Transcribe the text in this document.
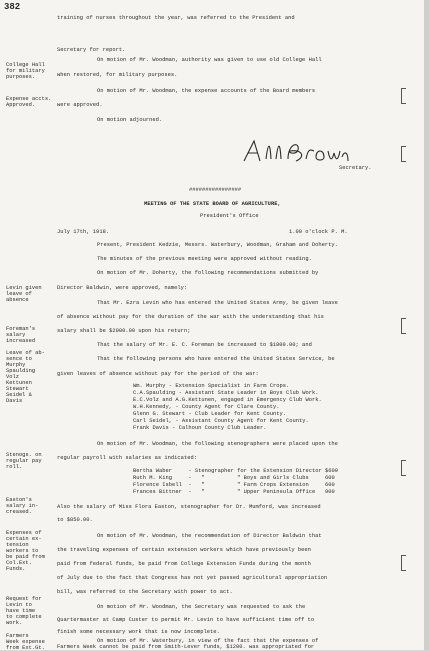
382
training of nurses throughout the year, was referred to the President and
Secretary for report.
On motion of Mr. Woodman, authority was given to use old College Hall
when restored, for military purposes.
On motion of Mr. Woodman, the expense accounts of the Board members
were approved.
On motion adjourned.
A M Brown
Secretary.
################
MEETING OF THE STATE BOARD OF AGRICULTURE,
President's Office
July 17th, 1918.	1.00 o'clock P. M.
Present, President Kedzie, Messrs. Waterbury, Woodman, Graham and Doherty.
The minutes of the previous meeting were approved without reading.
On motion of Mr. Doherty, the following recommendations submitted by
Director Baldwin, were approved, namely:
That Mr. Ezra Levin who has entered the United States Army, be given leave
of absence without pay for the duration of the war with the understanding that his
salary shall be $2000.00 upon his return;
That the salary of Mr. E. C. Foreman be increased to $1800.00; and
That the following persons who have entered the United States Service, be
given leaves of absence without pay for the period of the war:
Wm. Murphy - Extension Specialist in Farm Crops.
C.A.Spaulding - Assistant State Leader in Boys Club Work.
E.C.Volz and A.G.Kettunen, engaged in Emergency Club Work.
W.H.Kennedy, - County Agent for Clare County.
Glenn G. Stewart - Club Leader for Kent County.
Carl Seidel, - Assistant County Agent for Kent County.
Frank Davis - Calhoun County Club Leader.
On motion of Mr. Woodman, the following stenographers were placed upon the
regular payroll with salaries as indicated:
Bertha Waber     - Stenographer for the Extension Director $600
Ruth M. King     -   "          " Boys and Girls Clubs     600
Florence Isbell  -   "          " Farm Crops Extension     600
Frances Bittner  -   "          " Upper Peninsula Office   900
Also the salary of Miss Flora Easton, stenographer for Dr. Mumford, was increased
to $850.00.
On motion of Mr. Woodman, the recommendation of Director Baldwin that
the traveling expenses of certain extension workers which have previously been
paid from federal funds, be paid from College Extension Funds during the month
of July due to the fact that Congress has not yet passed agricultural appropriation
bill, was referred to the Secretary with power to act.
On motion of Mr. Woodman, the Secretary was requested to ask the
Quartermaster at Camp Custer to permit Mr. Levin to have sufficient time off to
finish some necessary work that is now incomplete.
On motion of Mr. Waterbury, in view of the fact that the expenses of
Farmers Week cannot be paid from Smith-Lever funds, $1200. was appropriated for
College Hall
for military
purposes.
Expense accts.
Approved.
Levin given
leave of
absence
Foreman's
salary
increased
Leave of ab-
sence to
Murphy
Spaulding
Volz
Kettunen
Stewart
Seidel &
Davis
Stenogs. on
regular pay
roll.
Easton's
salary in-
creased.
Expenses of
certain ex-
tension
workers to
be paid from
Col.Ext.
Funds.
Request for
Levin to
have time
to complete
work.
Farmers
Week expense
from Ext.Gt.
